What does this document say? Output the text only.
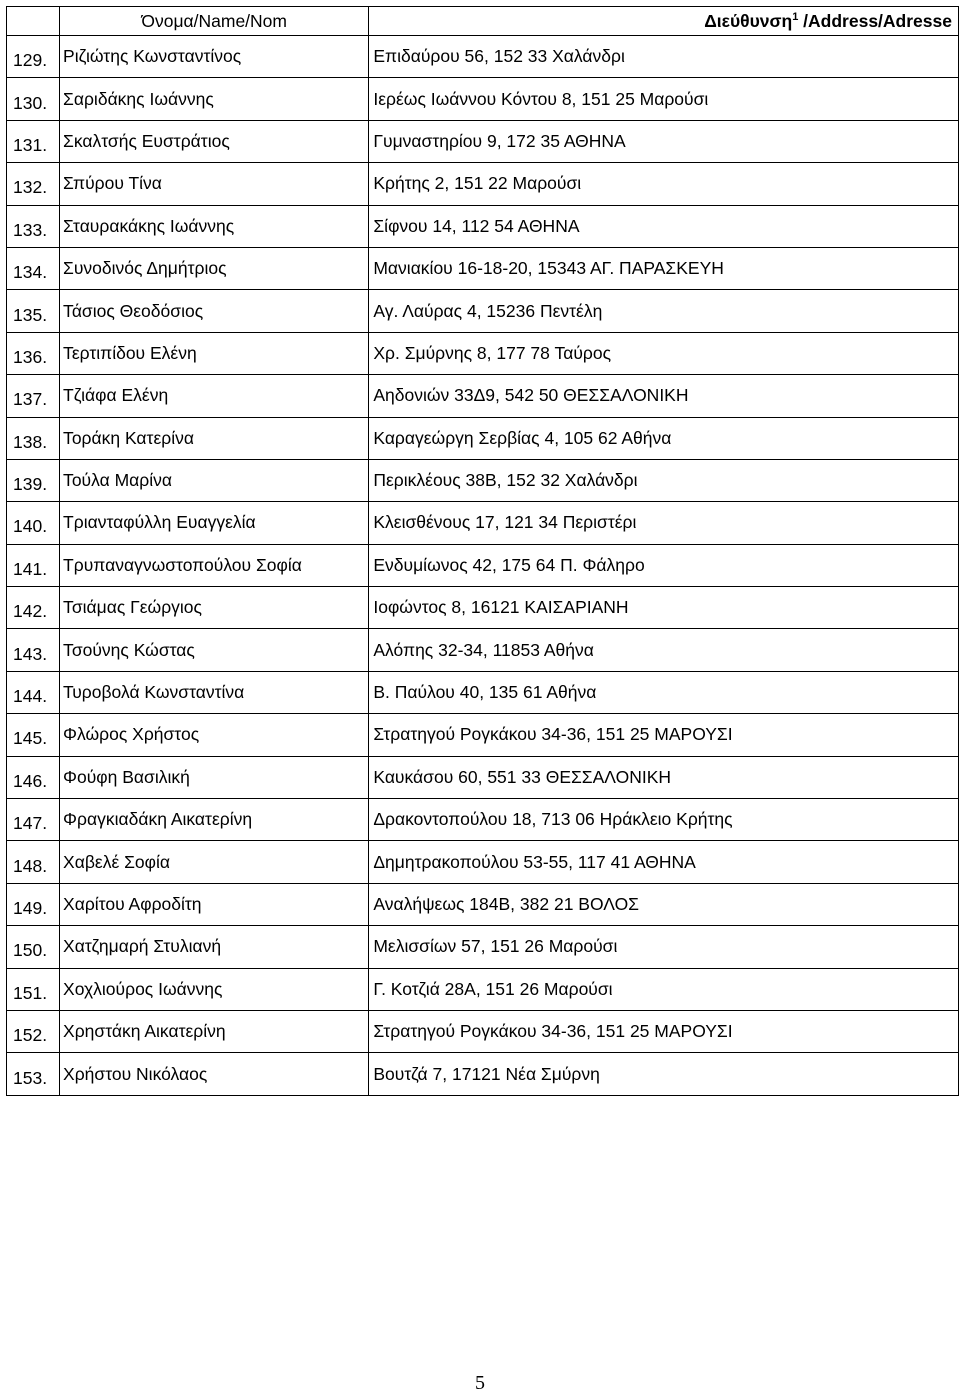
	Όνομα/Name/Nom	Διεύθυνση$^1$ /Address/Adresse
129.	Ριζιώτης Κωνσταντίνος	Επιδαύρου 56, 152 33 Χαλάνδρι
130.	Σαριδάκης Ιωάννης	Ιερέως Ιωάννου Κόντου 8, 151 25 Μαρούσι
131.	Σκαλτσής Ευστράτιος	Γυμναστηρίου 9, 172 35 ΑΘΗΝΑ
132.	Σπύρου Τίνα	Κρήτης 2, 151 22 Μαρούσι
133.	Σταυρακάκης Ιωάννης	Σίφνου 14, 112 54 ΑΘΗΝΑ
134.	Συνοδινός Δημήτριος	Μανιακίου 16-18-20, 15343 ΑΓ. ΠΑΡΑΣΚΕΥΗ
135.	Τάσιος Θεοδόσιος	Αγ. Λαύρας 4, 15236 Πεντέλη
136.	Τερτιπίδου Ελένη	Χρ. Σμύρνης 8, 177 78 Ταύρος
137.	Τζιάφα Ελένη	Αηδονιών 33Δ9, 542 50 ΘΕΣΣΑΛΟΝΙΚΗ
138.	Τοράκη Κατερίνα	Καραγεώργη Σερβίας 4, 105 62 Αθήνα
139.	Τούλα Μαρίνα	Περικλέους 38Β, 152 32 Χαλάνδρι
140.	Τριανταφύλλη Ευαγγελία	Κλεισθένους 17, 121 34 Περιστέρι
141.	Τρυπαναγνωστοπούλου Σοφία	Ενδυμίωνος 42, 175 64 Π. Φάληρο
142.	Τσιάμας Γεώργιος	Ιοφώντος 8, 16121 ΚΑΙΣΑΡΙΑΝΗ
143.	Τσούνης Κώστας	Αλόπης 32-34, 11853 Αθήνα
144.	Τυροβολά Κωνσταντίνα	Β. Παύλου 40, 135 61 Αθήνα
145.	Φλώρος Χρήστος	Στρατηγού Ρογκάκου 34-36, 151 25 ΜΑΡΟΥΣΙ
146.	Φούφη Βασιλική	Καυκάσου 60, 551 33 ΘΕΣΣΑΛΟΝΙΚΗ
147.	Φραγκιαδάκη Αικατερίνη	Δρακοντοπούλου 18, 713 06 Ηράκλειο Κρήτης
148.	Χαβελέ Σοφία	Δημητρακοπούλου 53-55, 117 41 ΑΘΗΝΑ
149.	Χαρίτου Αφροδίτη	Αναλήψεως 184Β, 382 21 ΒΟΛΟΣ
150.	Χατζημαρή Στυλιανή	Μελισσίων 57, 151 26 Μαρούσι
151.	Χοχλιούρος Ιωάννης	Γ. Κοτζιά 28Α, 151 26 Μαρούσι
152.	Χρηστάκη Αικατερίνη	Στρατηγού Ρογκάκου 34-36, 151 25 ΜΑΡΟΥΣΙ
153.	Χρήστου Νικόλαος	Βουτζά 7, 17121 Νέα Σμύρνη
5
